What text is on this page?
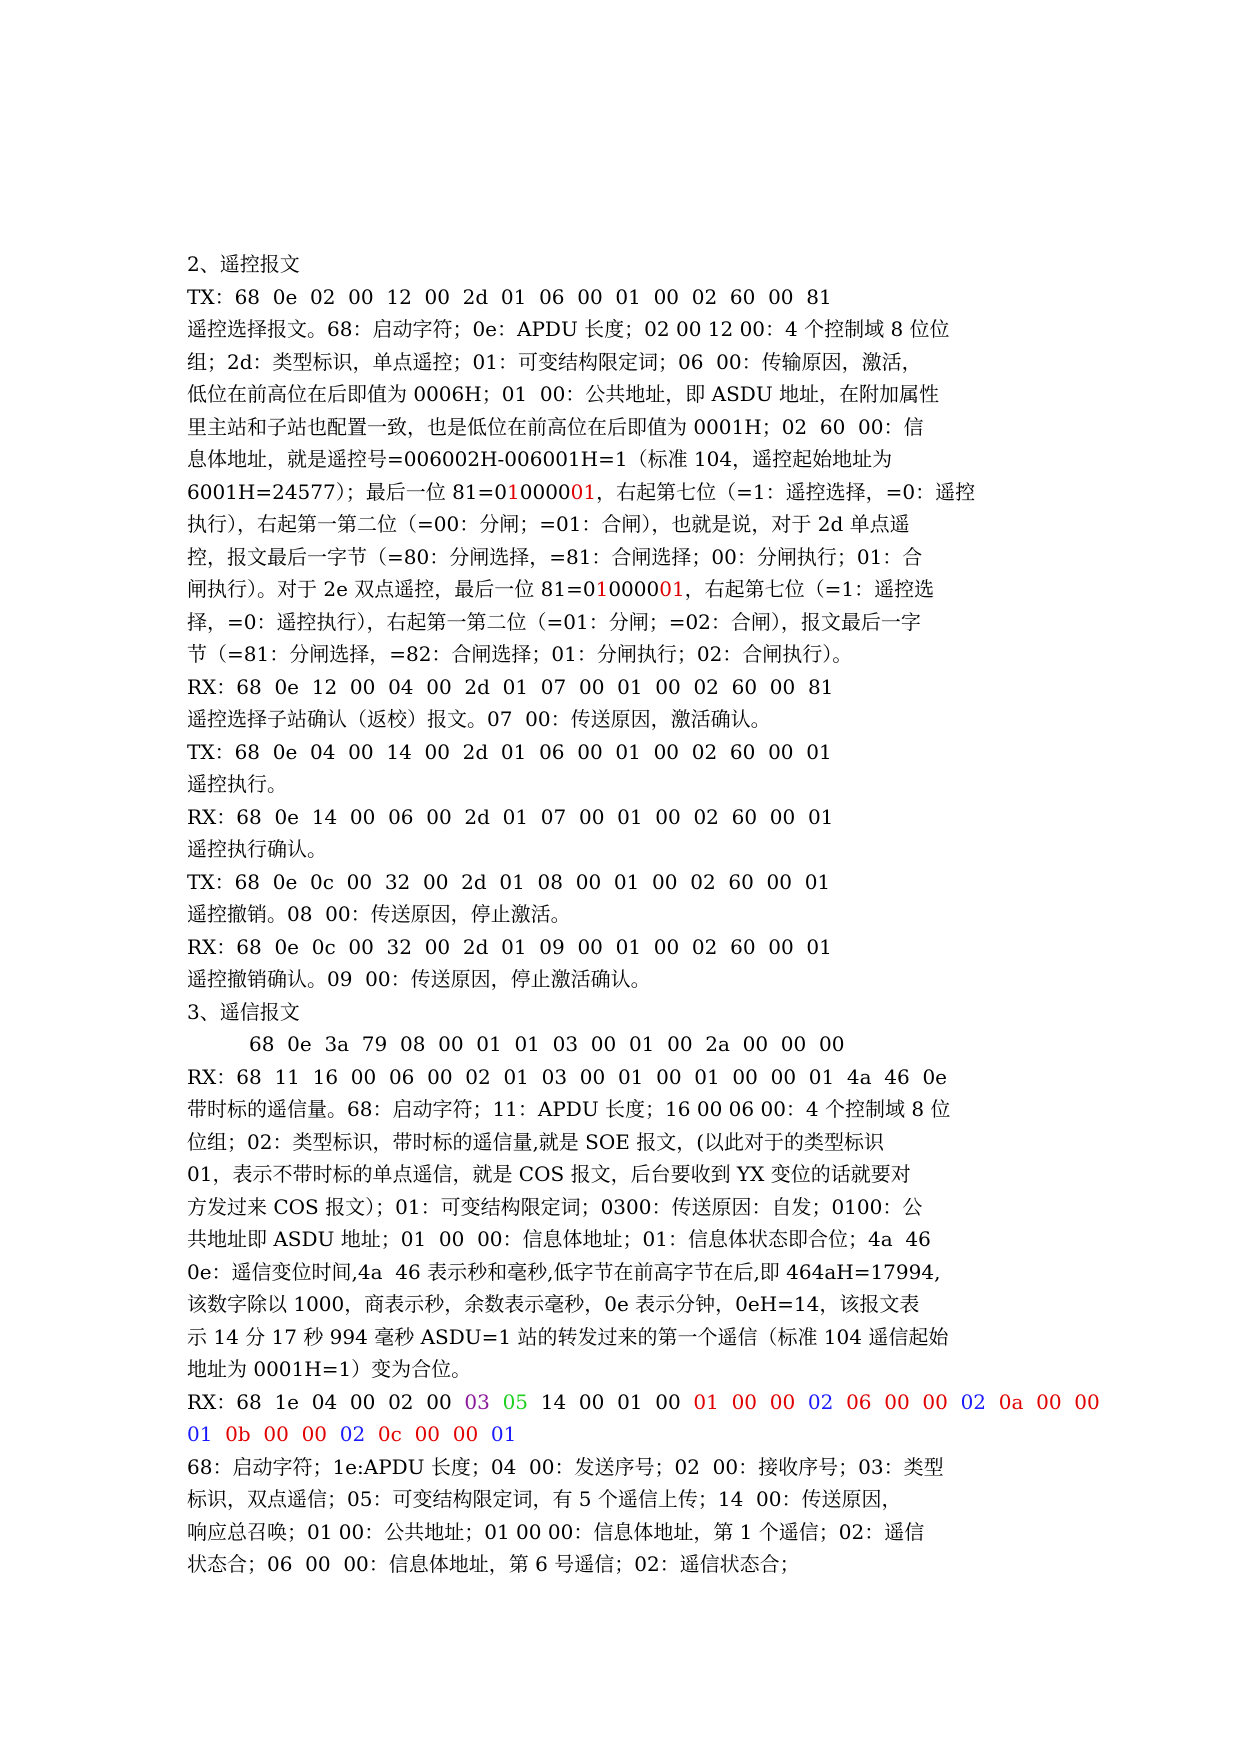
2、遥控报文
TX：68  0e  02  00  12  00  2d  01  06  00  01  00  02  60  00  81
遥控选择报文。68：启动字符；0e：APDU 长度；02 00 12 00：4 个控制域 8 位位
组；2d：类型标识，单点遥控；01：可变结构限定词；06  00：传输原因，激活，
低位在前高位在后即值为 0006H；01  00：公共地址，即 ASDU 地址，在附加属性
里主站和子站也配置一致，也是低位在前高位在后即值为 0001H；02  60  00：信
息体地址，就是遥控号=006002H-006001H=1（标准 104，遥控起始地址为
6001H=24577）；最后一位 81=01000001，右起第七位（=1：遥控选择，=0：遥控
执行），右起第一第二位（=00：分闸；=01：合闸），也就是说，对于 2d 单点遥
控，报文最后一字节（=80：分闸选择，=81：合闸选择；00：分闸执行；01：合
闸执行）。对于 2e 双点遥控，最后一位 81=01000001，右起第七位（=1：遥控选
择，=0：遥控执行），右起第一第二位（=01：分闸；=02：合闸），报文最后一字
节（=81：分闸选择，=82：合闸选择；01：分闸执行；02：合闸执行）。
RX：68  0e  12  00  04  00  2d  01  07  00  01  00  02  60  00  81
遥控选择子站确认（返校）报文。07  00：传送原因，激活确认。
TX：68  0e  04  00  14  00  2d  01  06  00  01  00  02  60  00  01
遥控执行。
RX：68  0e  14  00  06  00  2d  01  07  00  01  00  02  60  00  01
遥控执行确认。
TX：68  0e  0c  00  32  00  2d  01  08  00  01  00  02  60  00  01
遥控撤销。08  00：传送原因，停止激活。
RX：68  0e  0c  00  32  00  2d  01  09  00  01  00  02  60  00  01
遥控撤销确认。09  00：传送原因，停止激活确认。
3、遥信报文
68  0e  3a  79  08  00  01  01  03  00  01  00  2a  00  00  00
RX：68  11  16  00  06  00  02  01  03  00  01  00  01  00  00  01  4a  46  0e
带时标的遥信量。68：启动字符；11：APDU 长度；16 00 06 00：4 个控制域 8 位
位组；02：类型标识，带时标的遥信量,就是 SOE 报文，(以此对于的类型标识
01，表示不带时标的单点遥信，就是 COS 报文，后台要收到 YX 变位的话就要对
方发过来 COS 报文）；01：可变结构限定词；0300：传送原因：自发；0100：公
共地址即 ASDU 地址；01  00  00：信息体地址；01：信息体状态即合位；4a  46
0e：遥信变位时间,4a  46 表示秒和毫秒,低字节在前高字节在后,即 464aH=17994,
该数字除以 1000，商表示秒，余数表示毫秒，0e 表示分钟，0eH=14，该报文表
示 14 分 17 秒 994 毫秒 ASDU=1 站的转发过来的第一个遥信（标准 104 遥信起始
地址为 0001H=1）变为合位。
RX：68  1e  04  00  02  00  03 05  14  00  01  00  01  00  00 02 06  00  00 02 0a  00  00
01 0b  00  00 02 0c  00  00 01
68：启动字符；1e:APDU 长度；04  00：发送序号；02  00：接收序号；03：类型
标识，双点遥信；05：可变结构限定词，有 5 个遥信上传；14  00：传送原因，
响应总召唤；01 00：公共地址；01 00 00：信息体地址，第 1 个遥信；02：遥信
状态合；06  00  00：信息体地址，第 6 号遥信；02：遥信状态合；
